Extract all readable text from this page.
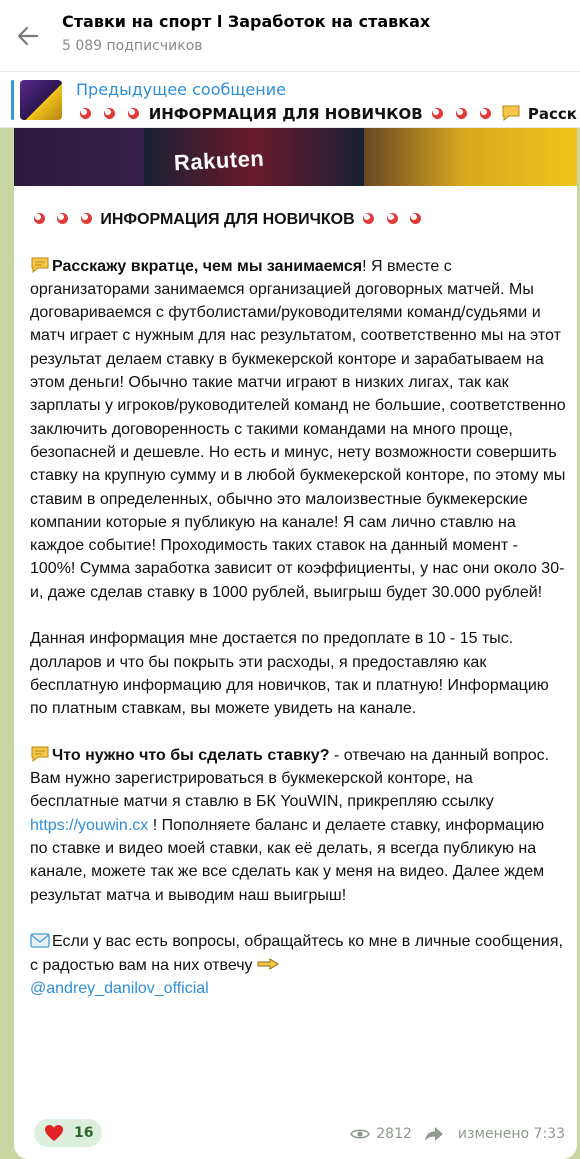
Ставки на спорт l Заработок на ставках
5 089 подписчиков
Предыдущее сообщение
ИНФОРМАЦИЯ ДЛЯ НОВИЧКОВ	Расск
Rakuten

ИНФОРМАЦИЯ ДЛЯ НОВИЧКОВ

Расскажу вкратце, чем мы занимаемся! Я вместе с организаторами занимаемся организацией договорных матчей. Мы договариваемся с футболистами/руководителями команд/судьями и матч играет с нужным для нас результатом, соответственно мы на этот результат делаем ставку в букмекерской конторе и зарабатываем на этом деньги! Обычно такие матчи играют в низких лигах, так как зарплаты у игроков/руководителей команд не большие, соответственно заключить договоренность с такими командами на много проще, безопасней и дешевле. Но есть и минус, нету возможности совершить ставку на крупную сумму и в любой букмекерской конторе, по этому мы ставим в определенных, обычно это малоизвестные букмекерские компании которые я публикую на канале! Я сам лично ставлю на каждое событие! Проходимость таких ставок на данный момент - 100%! Сумма заработка зависит от коэффициенты, у нас они около 30-и, даже сделав ставку в 1000 рублей, выигрыш будет 30.000 рублей!

Данная информация мне достается по предоплате в 10 - 15 тыс. долларов и что бы покрыть эти расходы, я предоставляю как бесплатную информацию для новичков, так и платную! Информацию по платным ставкам, вы можете увидеть на канале.

Что нужно что бы сделать ставку? - отвечаю на данный вопрос. Вам нужно зарегистрироваться в букмекерской конторе, на бесплатные матчи я ставлю в БК YouWIN, прикрепляю ссылку https://youwin.cx ! Пополняете баланс и делаете ставку, информацию по ставке и видео моей ставки, как её делать, я всегда публикую на канале, можете так же все сделать как у меня на видео. Далее ждем результат матча и выводим наш выигрыш!

Если у вас есть вопросы, обращайтесь ко мне в личные сообщения, с радостью вам на них отвечу
@andrey_danilov_official

16	2812	изменено 7:33
